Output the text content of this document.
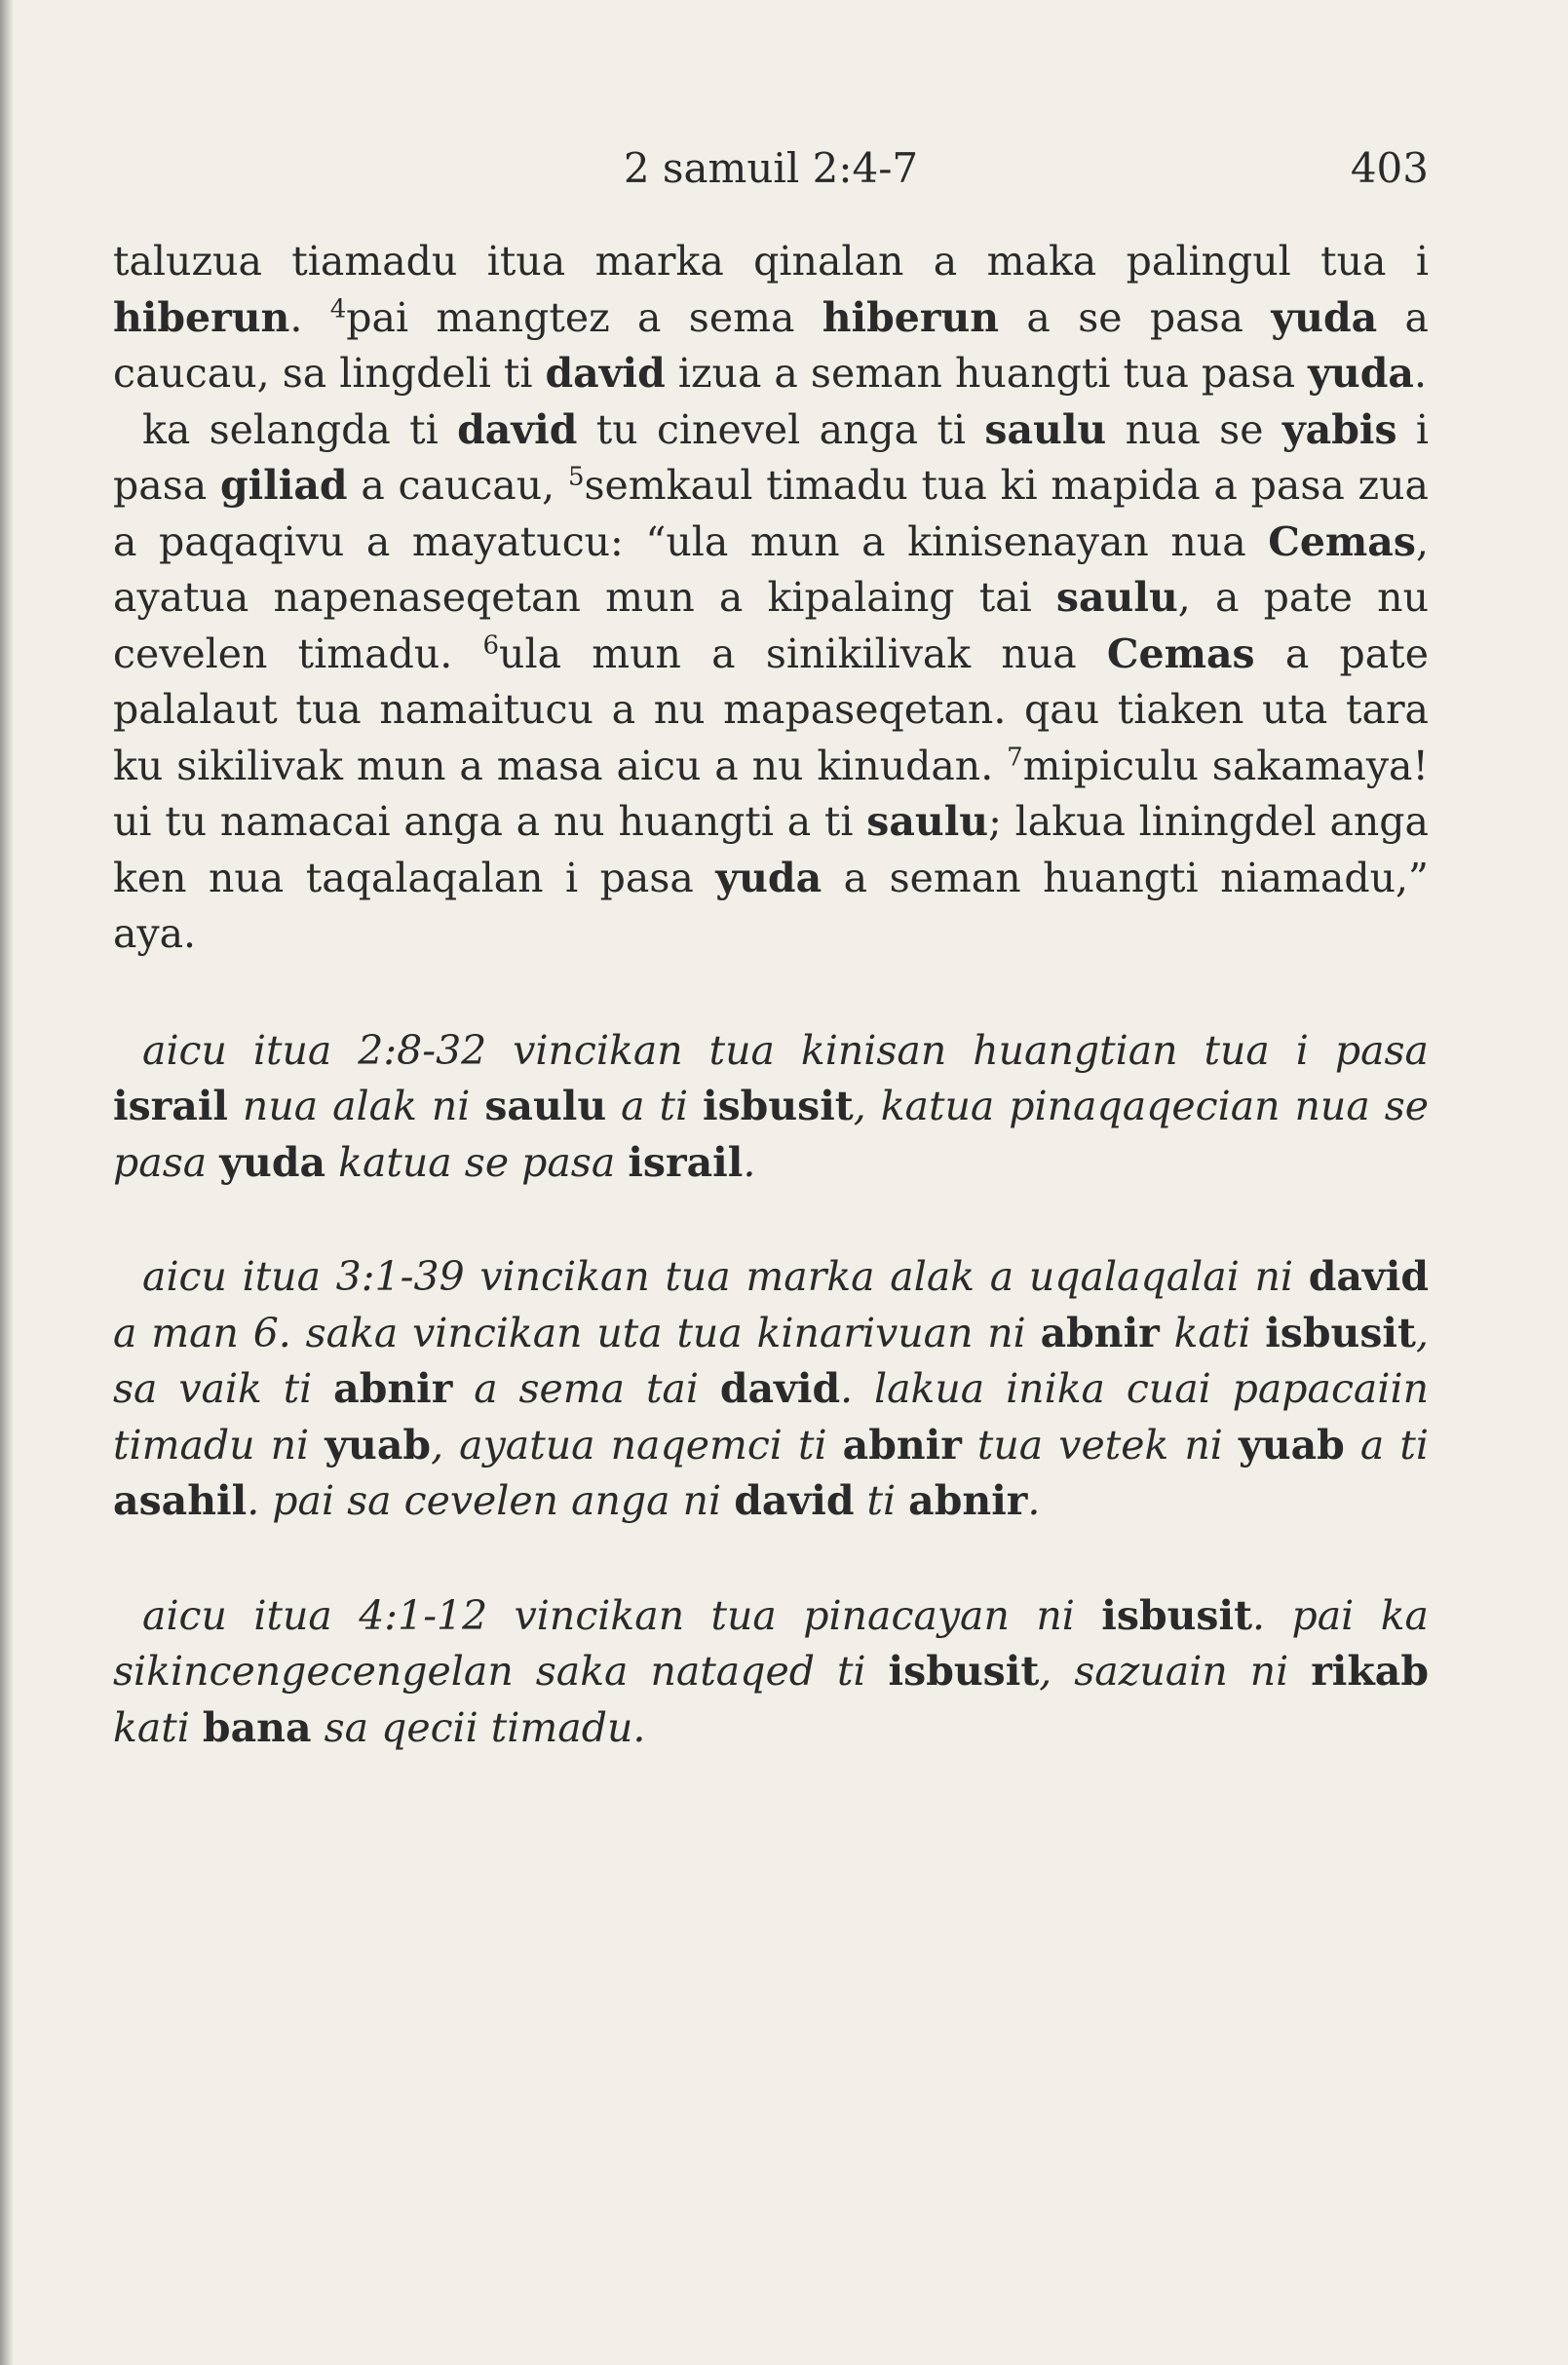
2 samuil 2:4-7	403

taluzua tiamadu itua marka qinalan a maka palingul tua i hiberun. $^4$pai mangtez a sema hiberun a se pasa yuda a caucau, sa lingdeli ti david izua a seman huangti tua pasa yuda.

ka selangda ti david tu cinevel anga ti saulu nua se yabis i pasa giliad a caucau, $^5$semkaul timadu tua ki mapida a pasa zua a paqaqivu a mayatucu: “ula mun a kinisenayan nua Cemas, ayatua napenaseqetan mun a kipalaing tai saulu, a pate nu cevelen timadu. $^6$ula mun a sinikilivak nua Cemas a pate palalaut tua namaitucu a nu mapaseqetan. qau tiaken uta tara ku sikilivak mun a masa aicu a nu kinudan. $^7$mipiculu sakamaya! ui tu namacai anga a nu huangti a ti saulu; lakua liningdel anga ken nua taqalaqalan i pasa yuda a seman huangti niamadu,” aya.

aicu itua 2:8-32 vincikan tua kinisan huangtian tua i pasa israil nua alak ni saulu a ti isbusit, katua pinaqaqecian nua se pasa yuda katua se pasa israil.

aicu itua 3:1-39 vincikan tua marka alak a uqalaqalai ni david a man 6. saka vincikan uta tua kinarivuan ni abnir kati isbusit, sa vaik ti abnir a sema tai david. lakua inika cuai papacaiin timadu ni yuab, ayatua naqemci ti abnir tua vetek ni yuab a ti asahil. pai sa cevelen anga ni david ti abnir.

aicu itua 4:1-12 vincikan tua pinacayan ni isbusit. pai ka sikincengecengelan saka nataqed ti isbusit, sazuain ni rikab kati bana sa qecii timadu.
